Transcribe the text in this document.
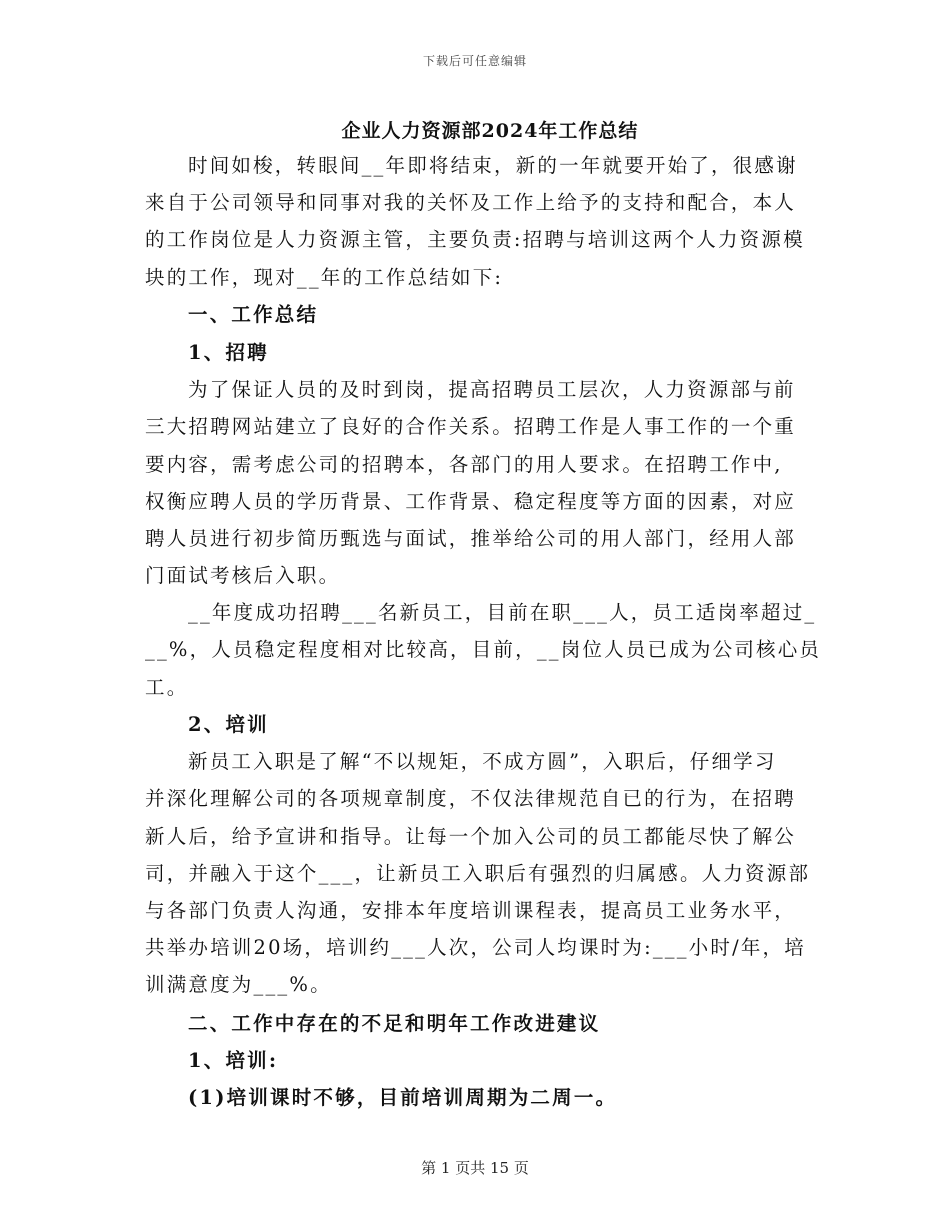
下载后可任意编辑
企业人力资源部2024年工作总结
时间如梭，转眼间__年即将结束，新的一年就要开始了，很感谢
来自于公司领导和同事对我的关怀及工作上给予的支持和配合，本人
的工作岗位是人力资源主管，主要负责:招聘与培训这两个人力资源模
块的工作，现对__年的工作总结如下:
一、工作总结
1、招聘
为了保证人员的及时到岗，提高招聘员工层次，人力资源部与前
三大招聘网站建立了良好的合作关系。招聘工作是人事工作的一个重
要内容，需考虑公司的招聘本，各部门的用人要求。在招聘工作中,
权衡应聘人员的学历背景、工作背景、稳定程度等方面的因素，对应
聘人员进行初步简历甄选与面试，推举给公司的用人部门，经用人部
门面试考核后入职。
__年度成功招聘___名新员工，目前在职___人，员工适岗率超过_
__%，人员稳定程度相对比较高，目前，__岗位人员已成为公司核心员
工。
2、培训
新员工入职是了解“不以规矩，不成方圆”，入职后，仔细学习
并深化理解公司的各项规章制度，不仅法律规范自已的行为，在招聘
新人后，给予宣讲和指导。让每一个加入公司的员工都能尽快了解公
司，并融入于这个___，让新员工入职后有强烈的归属感。人力资源部
与各部门负责人沟通，安排本年度培训课程表，提高员工业务水平，
共举办培训20场，培训约___人次，公司人均课时为:___小时/年，培
训满意度为___%。
二、工作中存在的不足和明年工作改进建议
1、培训:
(1)培训课时不够，目前培训周期为二周一。
第 1 页共 15 页
